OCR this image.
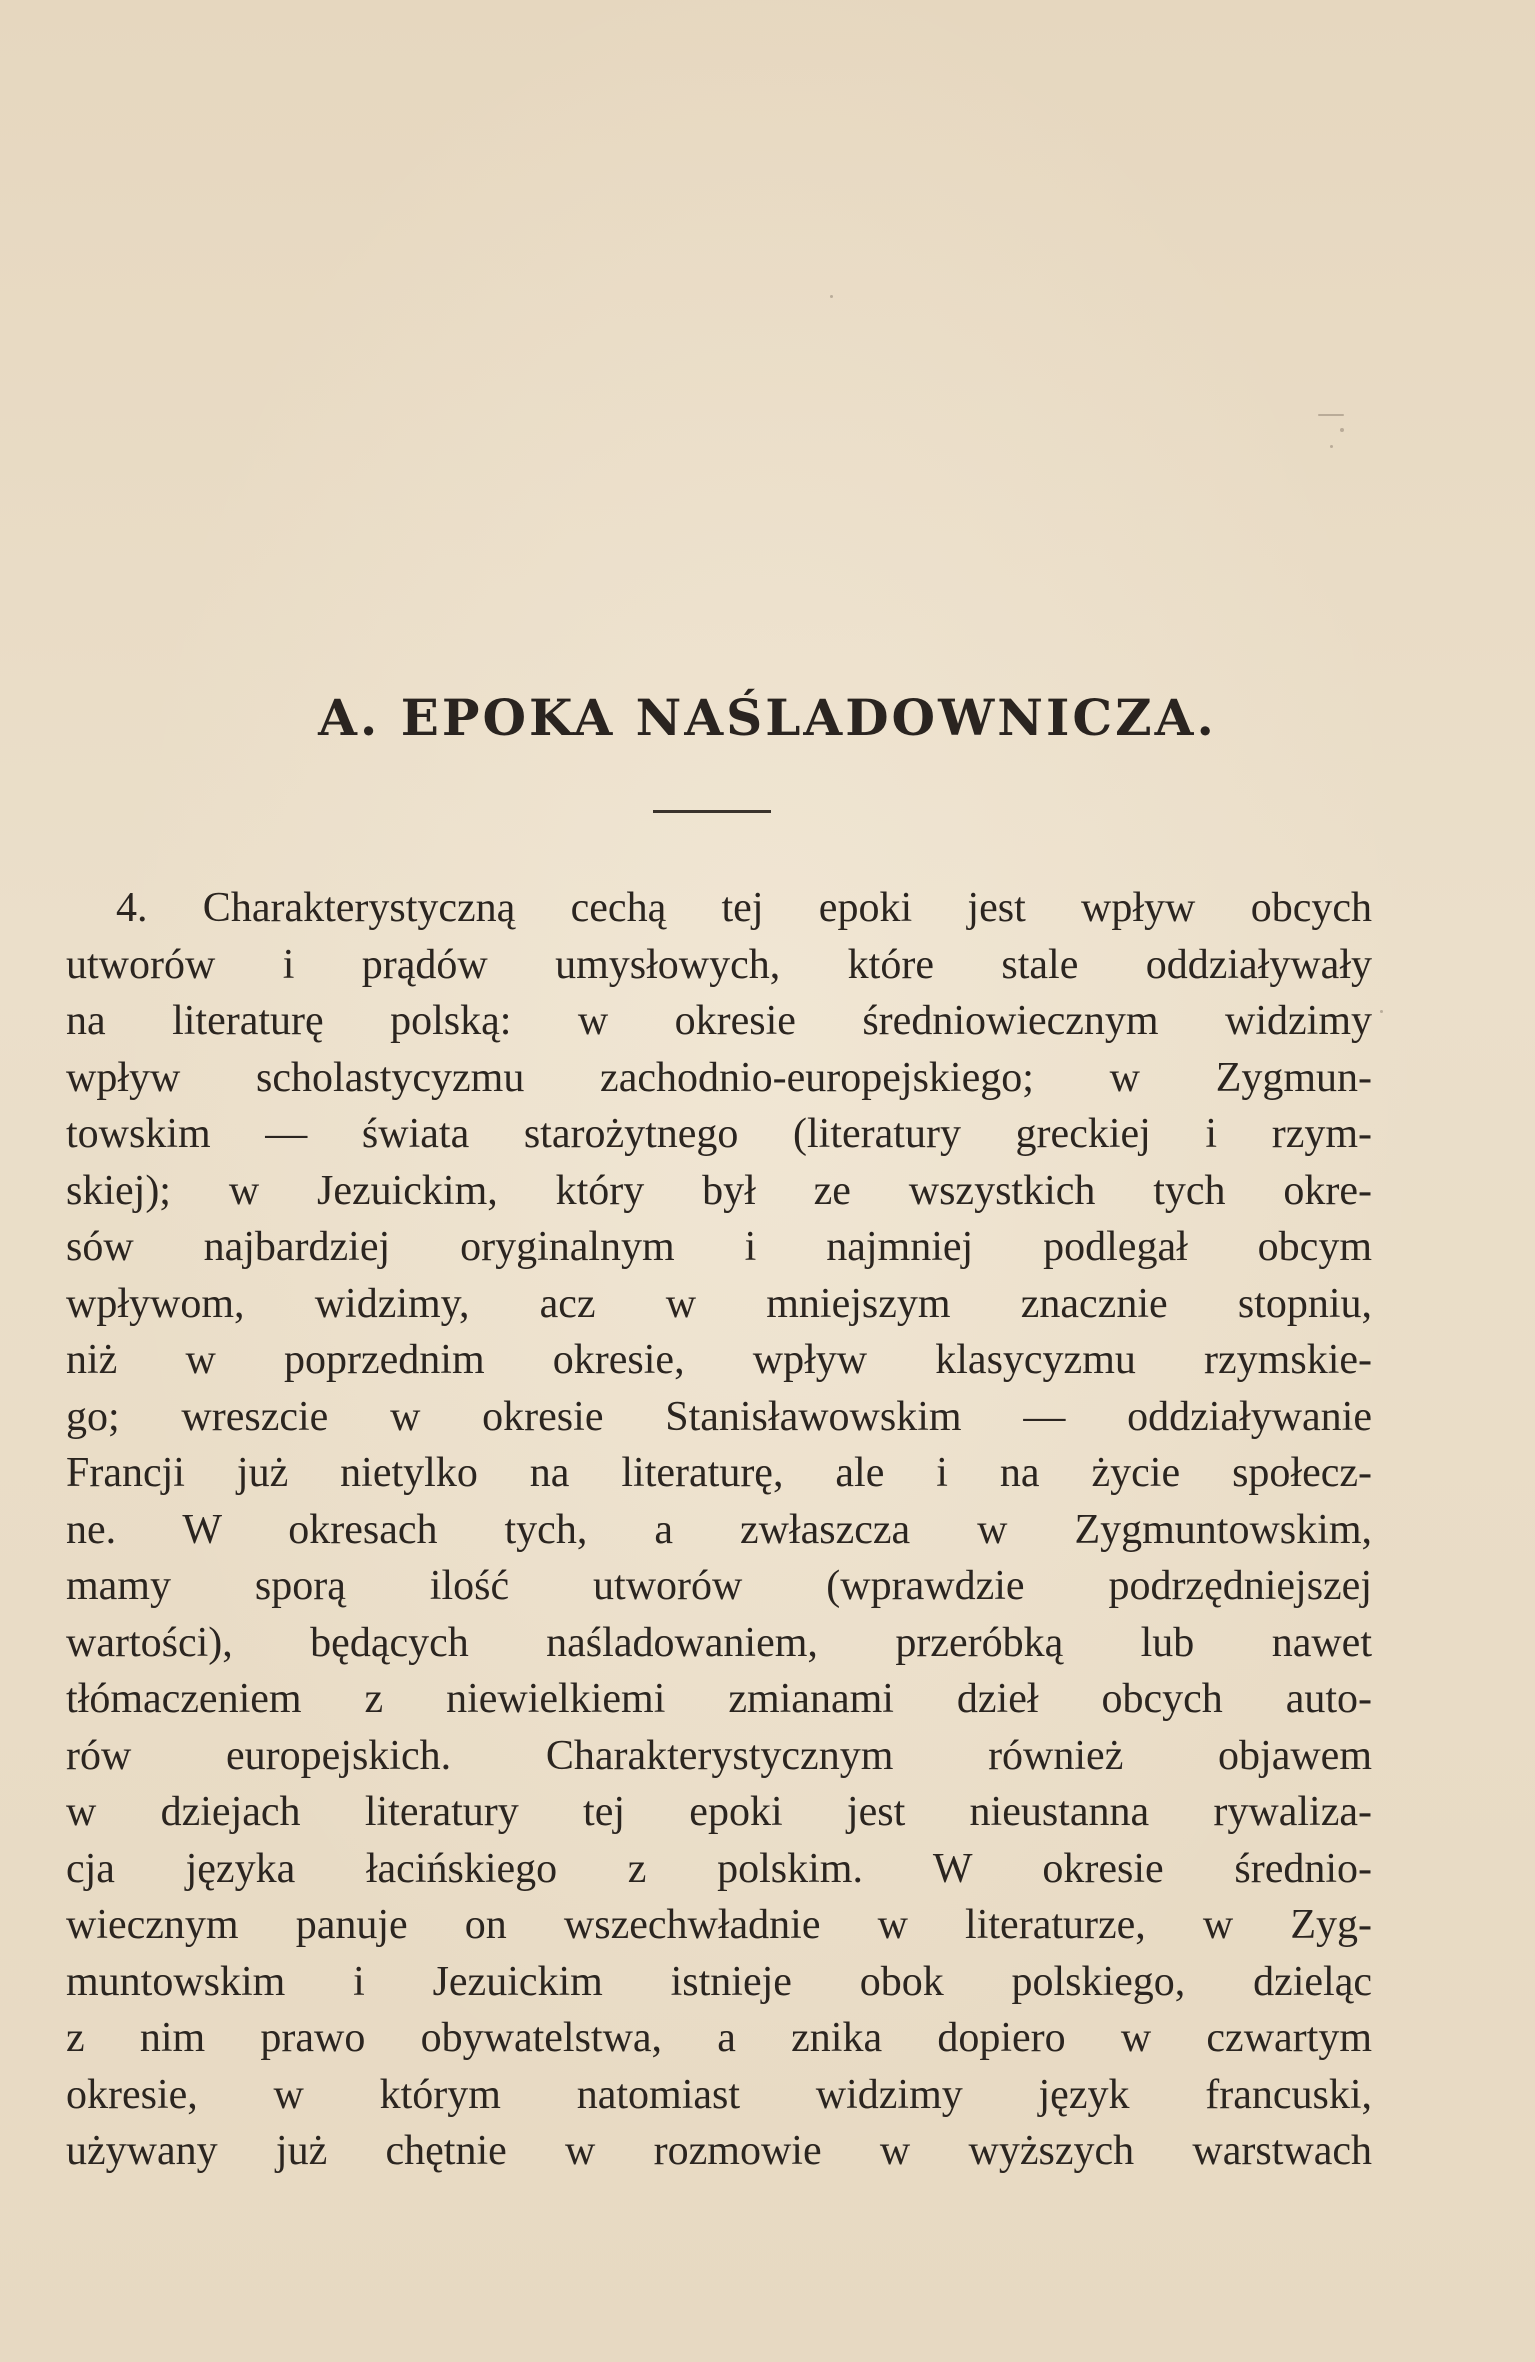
A. EPOKA NAŚLADOWNICZA.
4. Charakterystyczną cechą tej epoki jest wpływ obcych
utworów i prądów umysłowych, które stale oddziaływały
na literaturę polską: w okresie średniowiecznym widzimy
wpływ scholastycyzmu zachodnio-europejskiego; w Zygmun-
towskim — świata starożytnego (literatury greckiej i rzym-
skiej); w Jezuickim, który był ze wszystkich tych okre-
sów najbardziej oryginalnym i najmniej podlegał obcym
wpływom, widzimy, acz w mniejszym znacznie stopniu,
niż w poprzednim okresie, wpływ klasycyzmu rzymskie-
go; wreszcie w okresie Stanisławowskim — oddziaływanie
Francji już nietylko na literaturę, ale i na życie społecz-
ne. W okresach tych, a zwłaszcza w Zygmuntowskim,
mamy sporą ilość utworów (wprawdzie podrzędniejszej
wartości), będących naśladowaniem, przeróbką lub nawet
tłómaczeniem z niewielkiemi zmianami dzieł obcych auto-
rów europejskich. Charakterystycznym również objawem
w dziejach literatury tej epoki jest nieustanna rywaliza-
cja języka łacińskiego z polskim. W okresie średnio-
wiecznym panuje on wszechwładnie w literaturze, w Zyg-
muntowskim i Jezuickim istnieje obok polskiego, dzieląc
z nim prawo obywatelstwa, a znika dopiero w czwartym
okresie, w którym natomiast widzimy język francuski,
używany już chętnie w rozmowie w wyższych warstwach
